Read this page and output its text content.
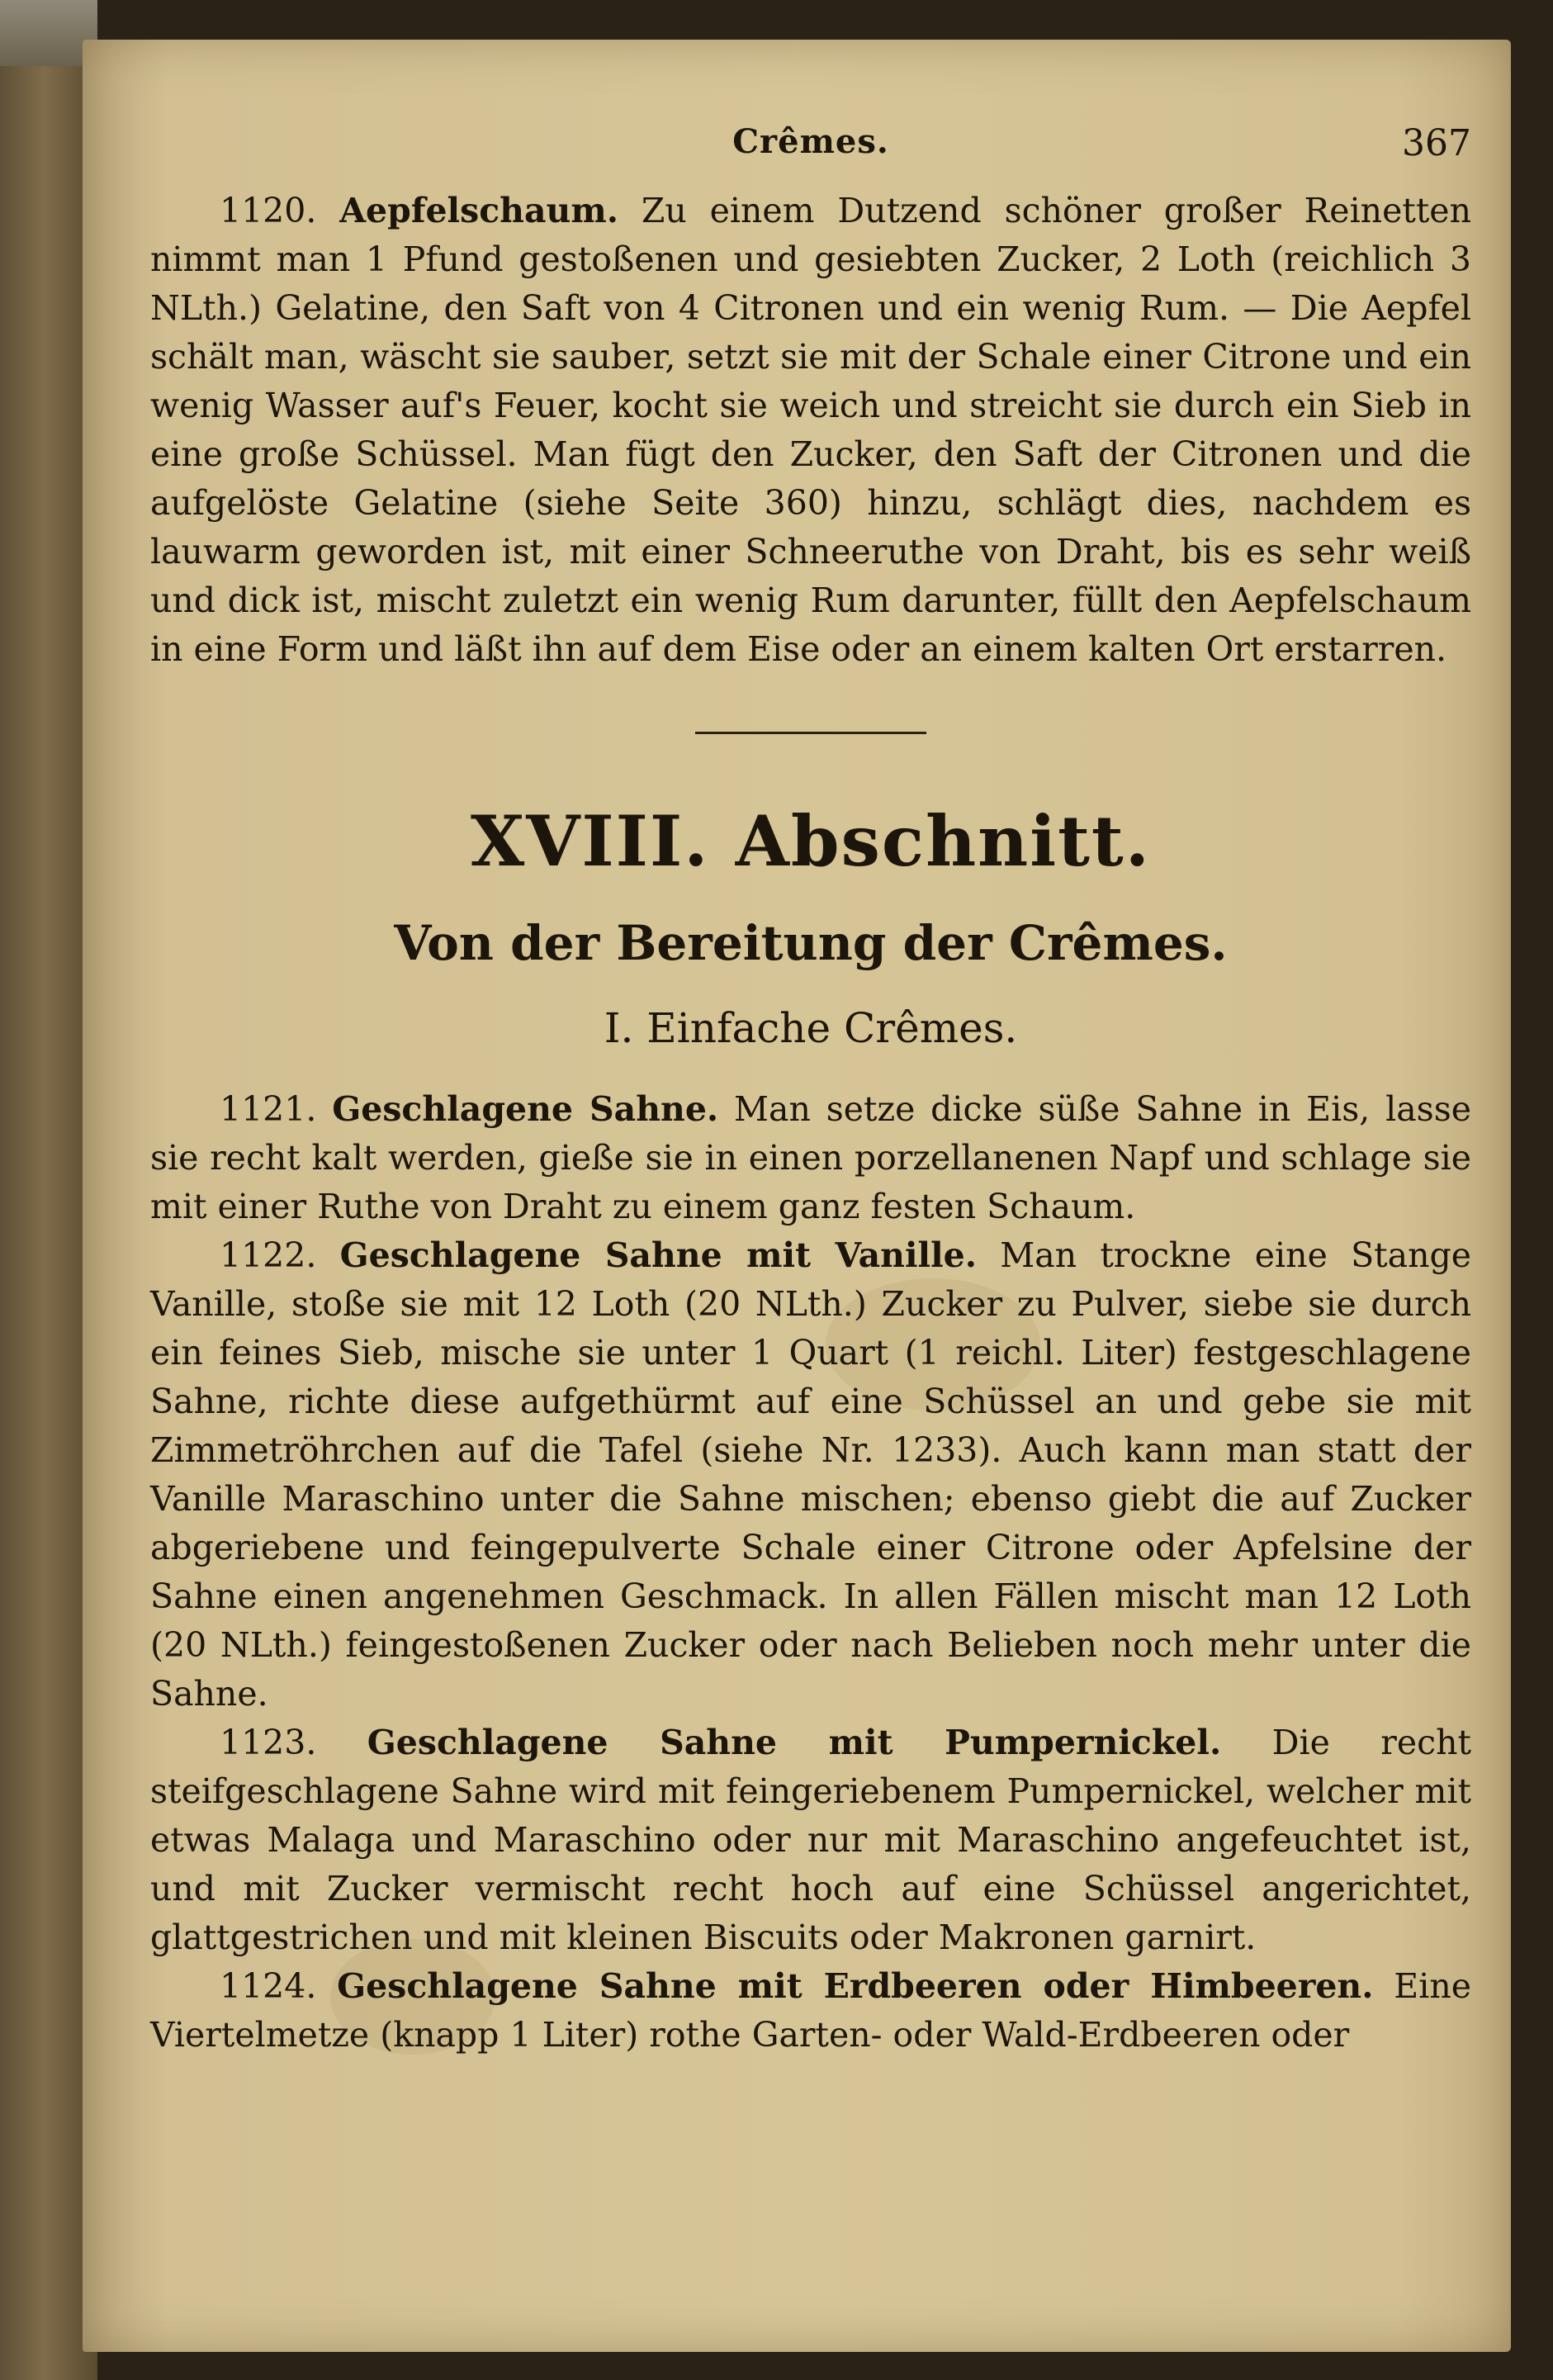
Crêmes.	367

1120. Aepfelschaum. Zu einem Dutzend schöner großer Reinetten nimmt man 1 Pfund gestoßenen und gesiebten Zucker, 2 Loth (reichlich 3 NLth.) Gelatine, den Saft von 4 Citronen und ein wenig Rum. — Die Aepfel schält man, wäscht sie sauber, setzt sie mit der Schale einer Citrone und ein wenig Wasser auf's Feuer, kocht sie weich und streicht sie durch ein Sieb in eine große Schüssel. Man fügt den Zucker, den Saft der Citronen und die aufgelöste Gelatine (siehe Seite 360) hinzu, schlägt dies, nachdem es lauwarm geworden ist, mit einer Schneeruthe von Draht, bis es sehr weiß und dick ist, mischt zuletzt ein wenig Rum darunter, füllt den Aepfelschaum in eine Form und läßt ihn auf dem Eise oder an einem kalten Ort erstarren.

XVIII. Abschnitt.
Von der Bereitung der Crêmes.
I. Einfache Crêmes.

1121. Geschlagene Sahne. Man setze dicke süße Sahne in Eis, lasse sie recht kalt werden, gieße sie in einen porzellanenen Napf und schlage sie mit einer Ruthe von Draht zu einem ganz festen Schaum.

1122. Geschlagene Sahne mit Vanille. Man trockne eine Stange Vanille, stoße sie mit 12 Loth (20 NLth.) Zucker zu Pulver, siebe sie durch ein feines Sieb, mische sie unter 1 Quart (1 reichl. Liter) festgeschlagene Sahne, richte diese aufgethürmt auf eine Schüssel an und gebe sie mit Zimmetröhrchen auf die Tafel (siehe Nr. 1233). Auch kann man statt der Vanille Maraschino unter die Sahne mischen; ebenso giebt die auf Zucker abgeriebene und feingepulverte Schale einer Citrone oder Apfelsine der Sahne einen angenehmen Geschmack. In allen Fällen mischt man 12 Loth (20 NLth.) feingestoßenen Zucker oder nach Belieben noch mehr unter die Sahne.

1123. Geschlagene Sahne mit Pumpernickel. Die recht steifgeschlagene Sahne wird mit feingeriebenem Pumpernickel, welcher mit etwas Malaga und Maraschino oder nur mit Maraschino angefeuchtet ist, und mit Zucker vermischt recht hoch auf eine Schüssel angerichtet, glattgestrichen und mit kleinen Biscuits oder Makronen garnirt.

1124. Geschlagene Sahne mit Erdbeeren oder Himbeeren. Eine Viertelmetze (knapp 1 Liter) rothe Garten- oder Wald-Erdbeeren oder
